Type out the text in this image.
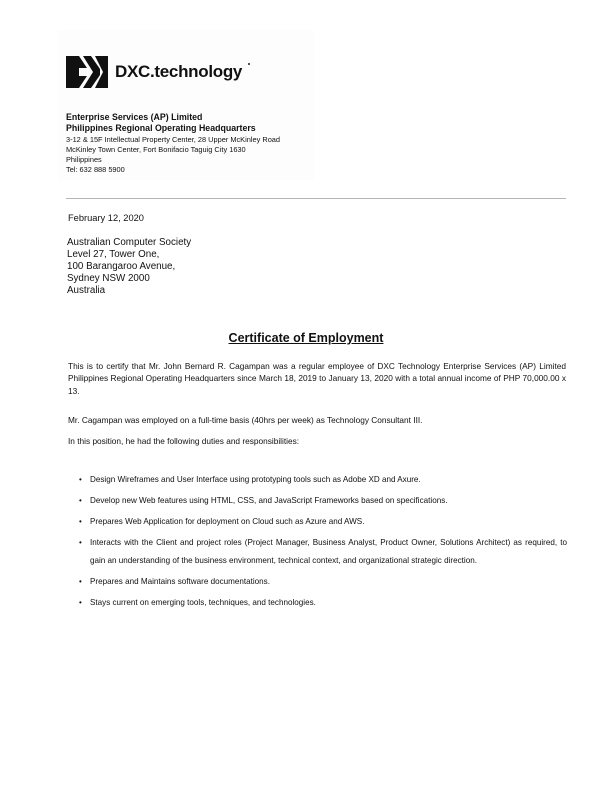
DXC.technology
Enterprise Services (AP) Limited
Philippines Regional Operating Headquarters
3-12 & 15F Intellectual Property Center, 28 Upper McKinley Road
McKinley Town Center, Fort Bonifacio Taguig City 1630
Philippines
Tel: 632 888 5900
February 12, 2020
Australian Computer Society
Level 27, Tower One,
100 Barangaroo Avenue,
Sydney NSW 2000
Australia
Certificate of Employment
This is to certify that Mr. John Bernard R. Cagampan was a regular employee of DXC Technology Enterprise Services (AP) Limited Philippines Regional Operating Headquarters since March 18, 2019 to January 13, 2020 with a total annual income of PHP 70,000.00 x 13.
Mr. Cagampan was employed on a full-time basis (40hrs per week) as Technology Consultant III.
In this position, he had the following duties and responsibilities:
•	Design Wireframes and User Interface using prototyping tools such as Adobe XD and Axure.
•	Develop new Web features using HTML, CSS, and JavaScript Frameworks based on specifications.
•	Prepares Web Application for deployment on Cloud such as Azure and AWS.
•	Interacts with the Client and project roles (Project Manager, Business Analyst, Product Owner, Solutions Architect) as required, to gain an understanding of the business environment, technical context, and organizational strategic direction.
•	Prepares and Maintains software documentations.
•	Stays current on emerging tools, techniques, and technologies.
